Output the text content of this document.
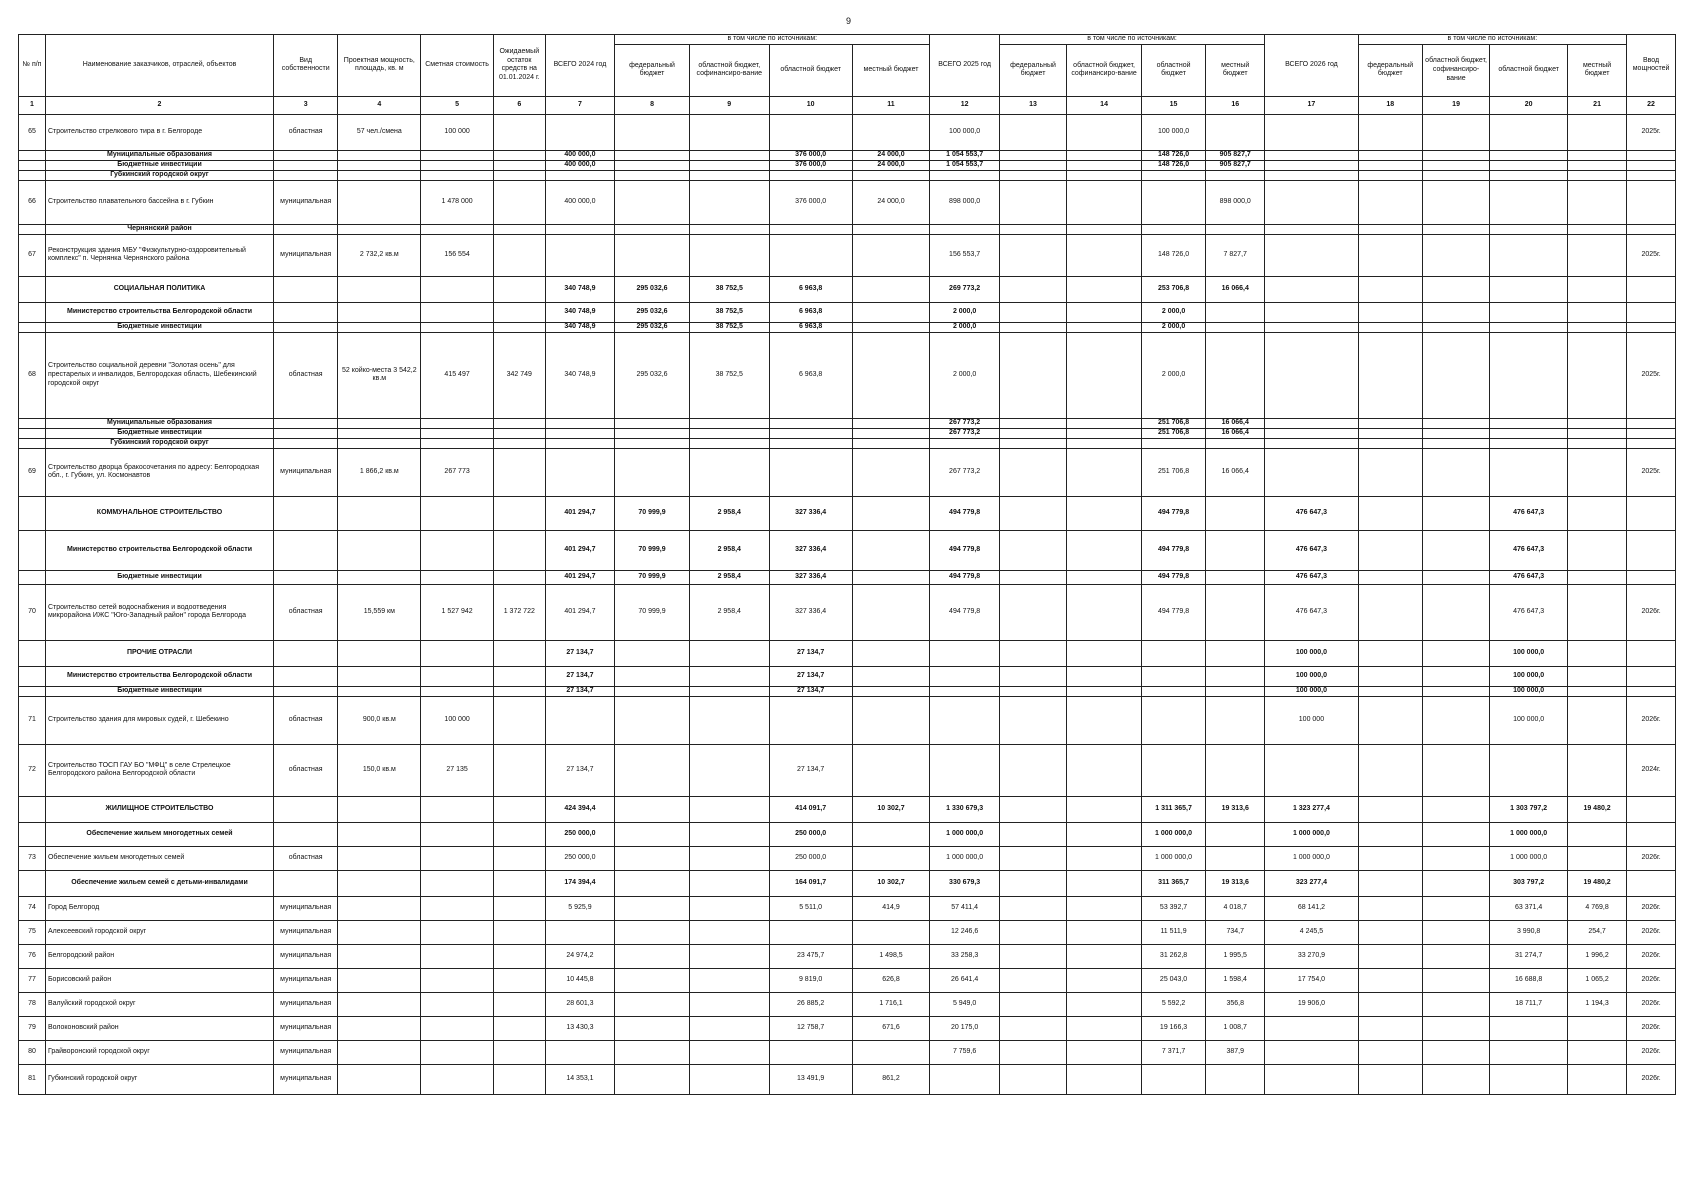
9
№ п/п	Наименование заказчиков, отраслей, объектов	Вид собственности	Проектная мощность, площадь, кв. м	Сметная стоимость	Ожидаемый остаток средств на 01.01.2024 г.	ВСЕГО 2024 год	в том числе по источникам:				ВСЕГО 2025 год	в том числе по источникам:				ВСЕГО 2026 год	в том числе по источникам:				Ввод мощностей
							федеральный бюджет	областной бюджет, софинансиро-вание	областной бюджет	местный бюджет		федеральный бюджет	областной бюджет, софинансиро-вание	областной бюджет	местный бюджет		федеральный бюджет	областной бюджет, софинансиро-вание	областной бюджет	местный бюджет	
1	2	3	4	5	6	7	8	9	10	11	12	13	14	15	16	17	18	19	20	21	22
65	Строительство стрелкового тира в г. Белгороде	областная	57 чел./смена	100 000							100 000,0			100 000,0							2025г.
	Муниципальные образования					400 000,0			376 000,0	24 000,0	1 054 553,7			148 726,0	905 827,7						
	Бюджетные инвестиции					400 000,0			376 000,0	24 000,0	1 054 553,7			148 726,0	905 827,7						
	Губкинский городской округ																				
66	Строительство плавательного бассейна в г. Губкин	муниципальная		1 478 000		400 000,0			376 000,0	24 000,0	898 000,0				898 000,0						
	Чернянский район																				
67	Реконструкция здания МБУ "Физкультурно-оздоровительный комплекс" п. Чернянка Чернянского района	муниципальная	2 732,2 кв.м	156 554							156 553,7			148 726,0	7 827,7						2025г.
	СОЦИАЛЬНАЯ ПОЛИТИКА					340 748,9	295 032,6	38 752,5	6 963,8		269 773,2			253 706,8	16 066,4						
	Министерство строительства Белгородской области					340 748,9	295 032,6	38 752,5	6 963,8		2 000,0			2 000,0							
	Бюджетные инвестиции					340 748,9	295 032,6	38 752,5	6 963,8		2 000,0			2 000,0							
68	Строительство социальной деревни "Золотая осень" для престарелых и инвалидов, Белгородская область, Шебекинский городской округ	областная	52 койко-места 3 542,2 кв.м	415 497	342 749	340 748,9	295 032,6	38 752,5	6 963,8		2 000,0			2 000,0							2025г.
	Муниципальные образования										267 773,2			251 706,8	16 066,4						
	Бюджетные инвестиции										267 773,2			251 706,8	16 066,4						
	Губкинский городской округ																				
69	Строительство дворца бракосочетания по адресу: Белгородская обл., г. Губкин, ул. Космонавтов	муниципальная	1 866,2 кв.м	267 773							267 773,2			251 706,8	16 066,4						2025г.
	КОММУНАЛЬНОЕ СТРОИТЕЛЬСТВО					401 294,7	70 999,9	2 958,4	327 336,4		494 779,8			494 779,8		476 647,3			476 647,3		
	Министерство строительства Белгородской области					401 294,7	70 999,9	2 958,4	327 336,4		494 779,8			494 779,8		476 647,3			476 647,3		
	Бюджетные инвестиции					401 294,7	70 999,9	2 958,4	327 336,4		494 779,8			494 779,8		476 647,3			476 647,3		
70	Строительство сетей водоснабжения и водоотведения микрорайона ИЖС "Юго-Западный район" города Белгорода	областная	15,559 км	1 527 942	1 372 722	401 294,7	70 999,9	2 958,4	327 336,4		494 779,8			494 779,8		476 647,3			476 647,3		2026г.
	ПРОЧИЕ ОТРАСЛИ					27 134,7			27 134,7							100 000,0			100 000,0		
	Министерство строительства Белгородской области					27 134,7			27 134,7							100 000,0			100 000,0		
	Бюджетные инвестиции					27 134,7			27 134,7							100 000,0			100 000,0		
71	Строительство здания для мировых судей, г. Шебекино	областная	900,0 кв.м	100 000												100 000			100 000,0		2026г.
72	Строительство ТОСП ГАУ БО "МФЦ" в селе Стрелецкое Белгородского района Белгородской области	областная	150,0 кв.м	27 135		27 134,7			27 134,7												2024г.
	ЖИЛИЩНОЕ СТРОИТЕЛЬСТВО					424 394,4			414 091,7	10 302,7	1 330 679,3			1 311 365,7	19 313,6	1 323 277,4			1 303 797,2	19 480,2	
	Обеспечение жильем многодетных семей					250 000,0			250 000,0		1 000 000,0			1 000 000,0		1 000 000,0			1 000 000,0		
73	Обеспечение жильем многодетных семей	областная				250 000,0			250 000,0		1 000 000,0			1 000 000,0		1 000 000,0			1 000 000,0		2026г.
	Обеспечение жильем семей с детьми-инвалидами					174 394,4			164 091,7	10 302,7	330 679,3			311 365,7	19 313,6	323 277,4			303 797,2	19 480,2	
74	Город Белгород	муниципальная				5 925,9			5 511,0	414,9	57 411,4			53 392,7	4 018,7	68 141,2			63 371,4	4 769,8	2026г.
75	Алексеевский городской округ	муниципальная									12 246,6			11 511,9	734,7	4 245,5			3 990,8	254,7	2026г.
76	Белгородский район	муниципальная				24 974,2			23 475,7	1 498,5	33 258,3			31 262,8	1 995,5	33 270,9			31 274,7	1 996,2	2026г.
77	Борисовский район	муниципальная				10 445,8			9 819,0	626,8	26 641,4			25 043,0	1 598,4	17 754,0			16 688,8	1 065,2	2026г.
78	Валуйский городской округ	муниципальная				28 601,3			26 885,2	1 716,1	5 949,0			5 592,2	356,8	19 906,0			18 711,7	1 194,3	2026г.
79	Волоконовский район	муниципальная				13 430,3			12 758,7	671,6	20 175,0			19 166,3	1 008,7						2026г.
80	Грайворонский городской округ	муниципальная									7 759,6			7 371,7	387,9						2026г.
81	Губкинский городской округ	муниципальная				14 353,1			13 491,9	861,2											2026г.
